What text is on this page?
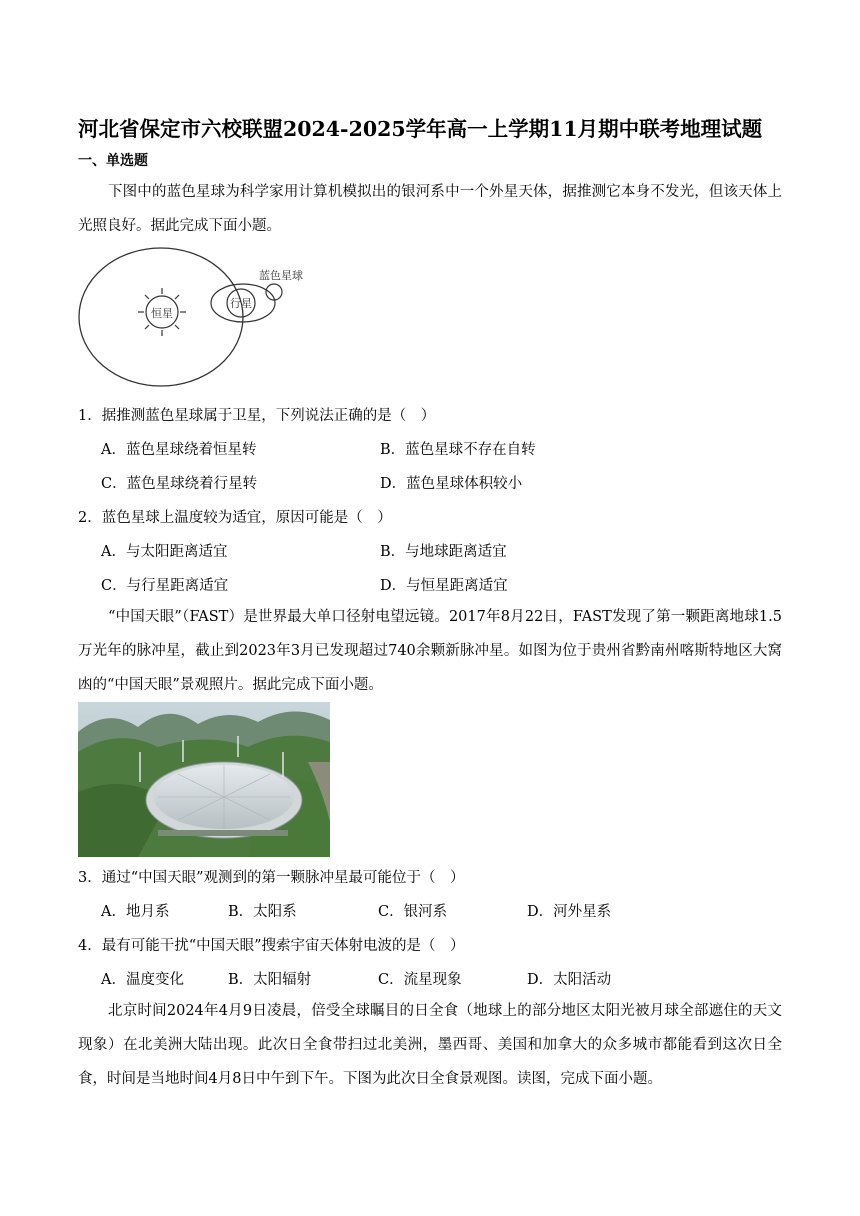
河北省保定市六校联盟2024-2025学年高一上学期11月期中联考地理试题
一、单选题
下图中的蓝色星球为科学家用计算机模拟出的银河系中一个外星天体，据推测它本身不发光，但该天体上光照良好。据此完成下面小题。
恒星
行星
蓝色星球
1．据推测蓝色星球属于卫星，下列说法正确的是（　）
A．蓝色星球绕着恒星转	B．蓝色星球不存在自转
C．蓝色星球绕着行星转	D．蓝色星球体积较小
2．蓝色星球上温度较为适宜，原因可能是（　）
A．与太阳距离适宜	B．与地球距离适宜
C．与行星距离适宜	D．与恒星距离适宜
“中国天眼”（FAST）是世界最大单口径射电望远镜。2017年8月22日，FAST发现了第一颗距离地球1.5万光年的脉冲星，截止到2023年3月已发现超过740余颗新脉冲星。如图为位于贵州省黔南州喀斯特地区大窝凼的“中国天眼”景观照片。据此完成下面小题。
3．通过“中国天眼”观测到的第一颗脉冲星最可能位于（　）
A．地月系	B．太阳系	C．银河系	D．河外星系
4．最有可能干扰“中国天眼”搜索宇宙天体射电波的是（　）
A．温度变化	B．太阳辐射	C．流星现象	D．太阳活动
北京时间2024年4月9日凌晨，倍受全球瞩目的日全食（地球上的部分地区太阳光被月球全部遮住的天文现象）在北美洲大陆出现。此次日全食带扫过北美洲，墨西哥、美国和加拿大的众多城市都能看到这次日全食，时间是当地时间4月8日中午到下午。下图为此次日全食景观图。读图，完成下面小题。
